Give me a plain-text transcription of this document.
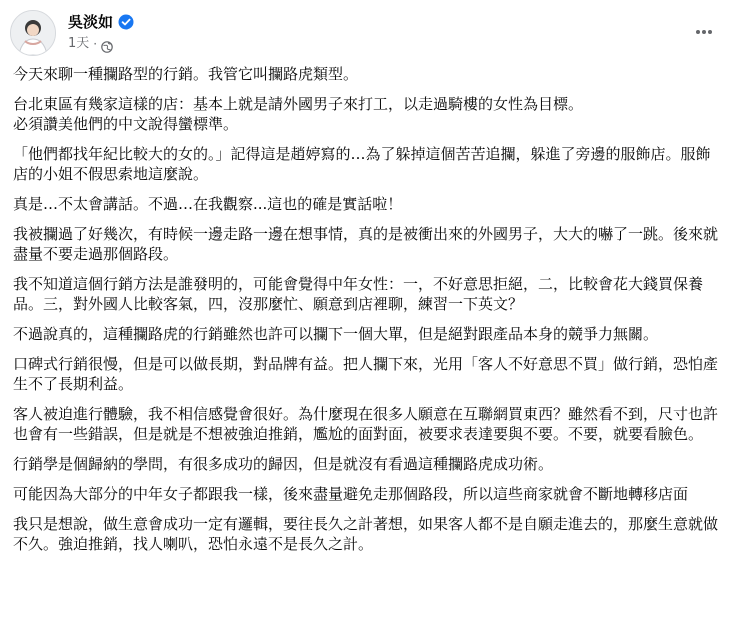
吳淡如
1天 ·

今天來聊一種攔路型的行銷。我管它叫攔路虎類型。

台北東區有幾家這樣的店：基本上就是請外國男子來打工，以走過騎樓的女性為目標。
必須讚美他們的中文說得蠻標準。

「他們都找年紀比較大的女的。」記得這是趙婷寫的…為了躲掉這個苦苦追攔，躲進了旁邊的服飾店。服飾店的小姐不假思索地這麼說。

真是…不太會講話。不過…在我觀察...這也的確是實話啦！

我被攔過了好幾次，有時候一邊走路一邊在想事情，真的是被衝出來的外國男子，大大的嚇了一跳。後來就盡量不要走過那個路段。

我不知道這個行銷方法是誰發明的，可能會覺得中年女性：一，不好意思拒絕，二，比較會花大錢買保養品。三，對外國人比較客氣，四，沒那麼忙、願意到店裡聊，練習一下英文？

不過說真的，這種攔路虎的行銷雖然也許可以攔下一個大單，但是絕對跟產品本身的競爭力無關。

口碑式行銷很慢，但是可以做長期，對品牌有益。把人攔下來，光用「客人不好意思不買」做行銷，恐怕產生不了長期利益。

客人被迫進行體驗，我不相信感覺會很好。為什麼現在很多人願意在互聯網買東西？雖然看不到，尺寸也許也會有一些錯誤，但是就是不想被強迫推銷，尷尬的面對面，被要求表達要與不要。不要，就要看臉色。

行銷學是個歸納的學問，有很多成功的歸因，但是就沒有看過這種攔路虎成功術。

可能因為大部分的中年女子都跟我一樣，後來盡量避免走那個路段，所以這些商家就會不斷地轉移店面

我只是想說，做生意會成功一定有邏輯，要往長久之計著想，如果客人都不是自願走進去的，那麼生意就做不久。強迫推銷，找人喇叭，恐怕永遠不是長久之計。
